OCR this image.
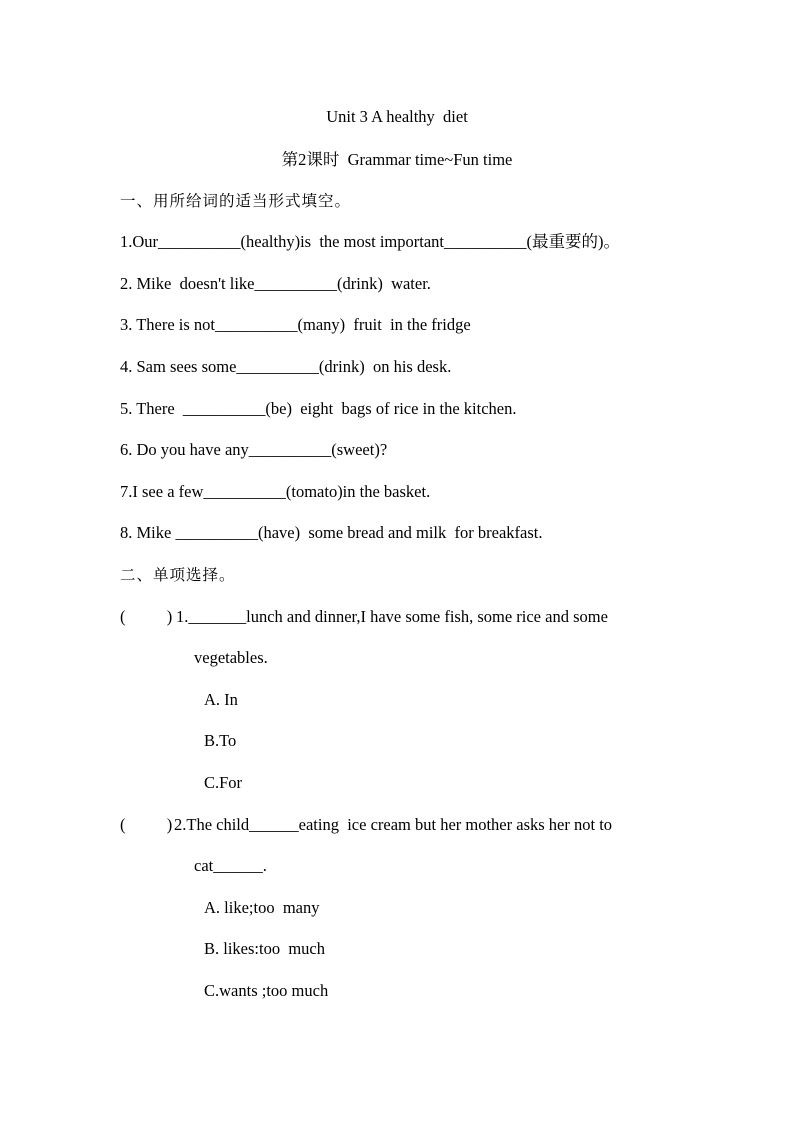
Unit 3 A healthy  diet
第2课时  Grammar time~Fun time
一、用所给词的适当形式填空。
1.Our__________(healthy)is  the most important__________(最重要的)。
2. Mike  doesn't like__________(drink)  water.
3. There is not__________(many)  fruit  in the fridge
4. Sam sees some__________(drink)  on his desk.
5. There  __________(be)  eight  bags of rice in the kitchen.
6. Do you have any__________(sweet)?
7.I see a few__________(tomato)in the basket.
8. Mike __________(have)  some bread and milk  for breakfast.
二、单项选择。
(          ) 1._______lunch and dinner,I have some fish, some rice and some
vegetables.
A. In
B.To
C.For
(          ) 2.The child______eating  ice cream but her mother asks her not to
cat______.
A. like;too  many
B. likes:too  much
C.wants ;too much
